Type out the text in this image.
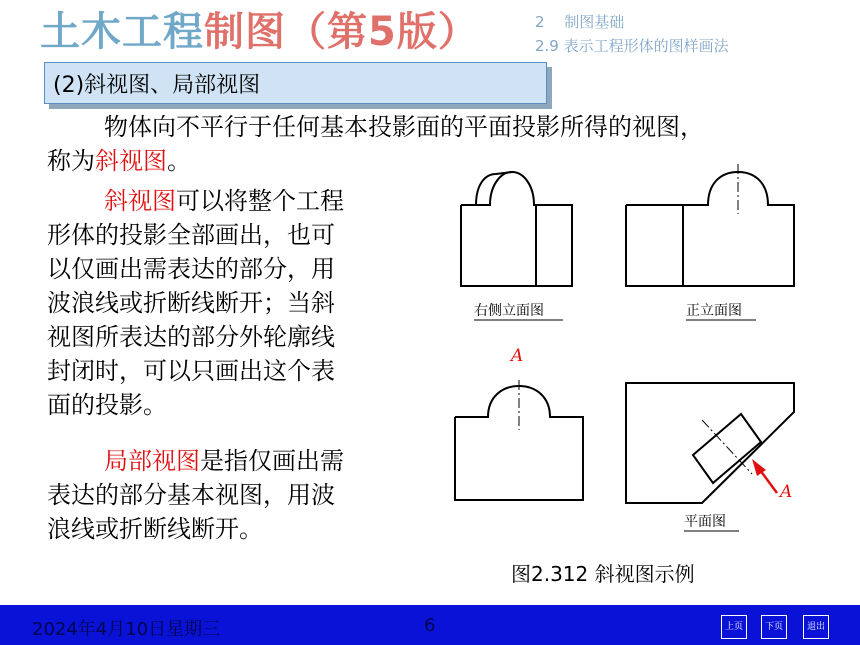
土木工程制图（第5版）	2　 制图基础
2.9 表示工程形体的图样画法
(2)斜视图、局部视图
物体向不平行于任何基本投影面的平面投影所得的视图，
称为斜视图。
斜视图可以将整个工程
形体的投影全部画出，也可
以仅画出需表达的部分，用
波浪线或折断线断开；当斜
视图所表达的部分外轮廓线
封闭时，可以只画出这个表
面的投影。
局部视图是指仅画出需
表达的部分基本视图，用波
浪线或折断线断开。
右侧立面图	正立面图
平面图
A
A
图2.312 斜视图示例
2024年4月10日星期三	6	上页	下页	退出
